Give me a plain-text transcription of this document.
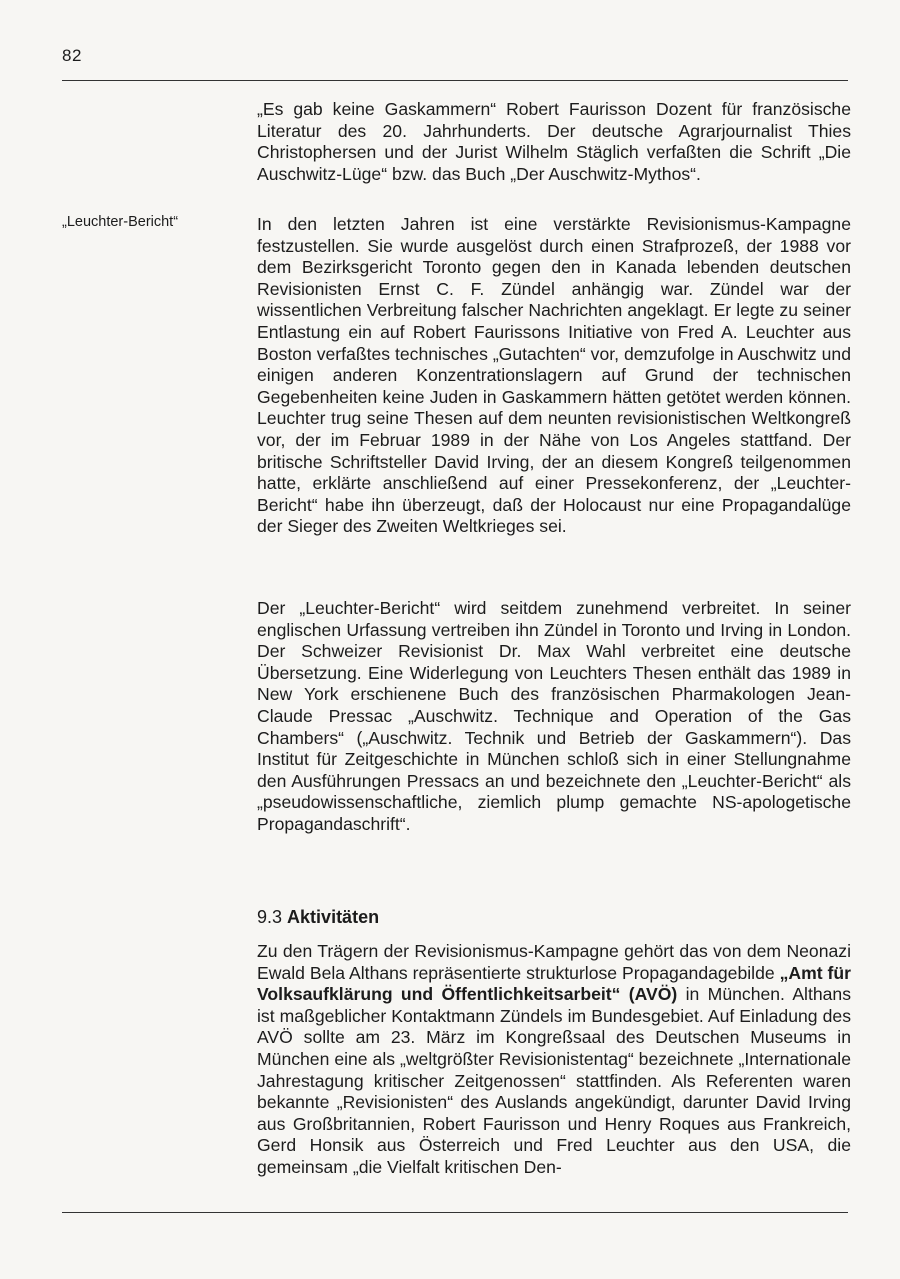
82

„Es gab keine Gaskammern“ Robert Faurisson Dozent für französische Literatur des 20. Jahrhunderts. Der deutsche Agrarjournalist Thies Christophersen und der Jurist Wilhelm Stäglich verfaßten die Schrift „Die Auschwitz-Lüge“ bzw. das Buch „Der Auschwitz-Mythos“.

„Leuchter-Bericht“	In den letzten Jahren ist eine verstärkte Revisionismus-Kampagne festzustellen. Sie wurde ausgelöst durch einen Strafprozeß, der 1988 vor dem Bezirksgericht Toronto gegen den in Kanada lebenden deutschen Revisionisten Ernst C. F. Zündel anhängig war. Zündel war der wissentlichen Verbreitung falscher Nachrichten angeklagt. Er legte zu seiner Entlastung ein auf Robert Faurissons Initiative von Fred A. Leuchter aus Boston verfaßtes technisches „Gutachten“ vor, demzufolge in Auschwitz und einigen anderen Konzentrationslagern auf Grund der technischen Gegebenheiten keine Juden in Gaskammern hätten getötet werden können. Leuchter trug seine Thesen auf dem neunten revisionistischen Weltkongreß vor, der im Februar 1989 in der Nähe von Los Angeles stattfand. Der britische Schriftsteller David Irving, der an diesem Kongreß teilgenommen hatte, erklärte anschließend auf einer Pressekonferenz, der „Leuchter-Bericht“ habe ihn überzeugt, daß der Holocaust nur eine Propagandalüge der Sieger des Zweiten Weltkrieges sei.

Der „Leuchter-Bericht“ wird seitdem zunehmend verbreitet. In seiner englischen Urfassung vertreiben ihn Zündel in Toronto und Irving in London. Der Schweizer Revisionist Dr. Max Wahl verbreitet eine deutsche Übersetzung. Eine Widerlegung von Leuchters Thesen enthält das 1989 in New York erschienene Buch des französischen Pharmakologen Jean-Claude Pressac „Auschwitz. Technique and Operation of the Gas Chambers“ („Auschwitz. Technik und Betrieb der Gaskammern“). Das Institut für Zeitgeschichte in München schloß sich in einer Stellungnahme den Ausführungen Pressacs an und bezeichnete den „Leuchter-Bericht“ als „pseudowissenschaftliche, ziemlich plump gemachte NS-apologetische Propagandaschrift“.

9.3 Aktivitäten

Zu den Trägern der Revisionismus-Kampagne gehört das von dem Neonazi Ewald Bela Althans repräsentierte strukturlose Propagandagebilde „Amt für Volksaufklärung und Öffentlichkeitsarbeit“ (AVÖ) in München. Althans ist maßgeblicher Kontaktmann Zündels im Bundesgebiet. Auf Einladung des AVÖ sollte am 23. März im Kongreßsaal des Deutschen Museums in München eine als „weltgrößter Revisionistentag“ bezeichnete „Internationale Jahrestagung kritischer Zeitgenossen“ stattfinden. Als Referenten waren bekannte „Revisionisten“ des Auslands angekündigt, darunter David Irving aus Großbritannien, Robert Faurisson und Henry Roques aus Frankreich, Gerd Honsik aus Österreich und Fred Leuchter aus den USA, die gemeinsam „die Vielfalt kritischen Den-
